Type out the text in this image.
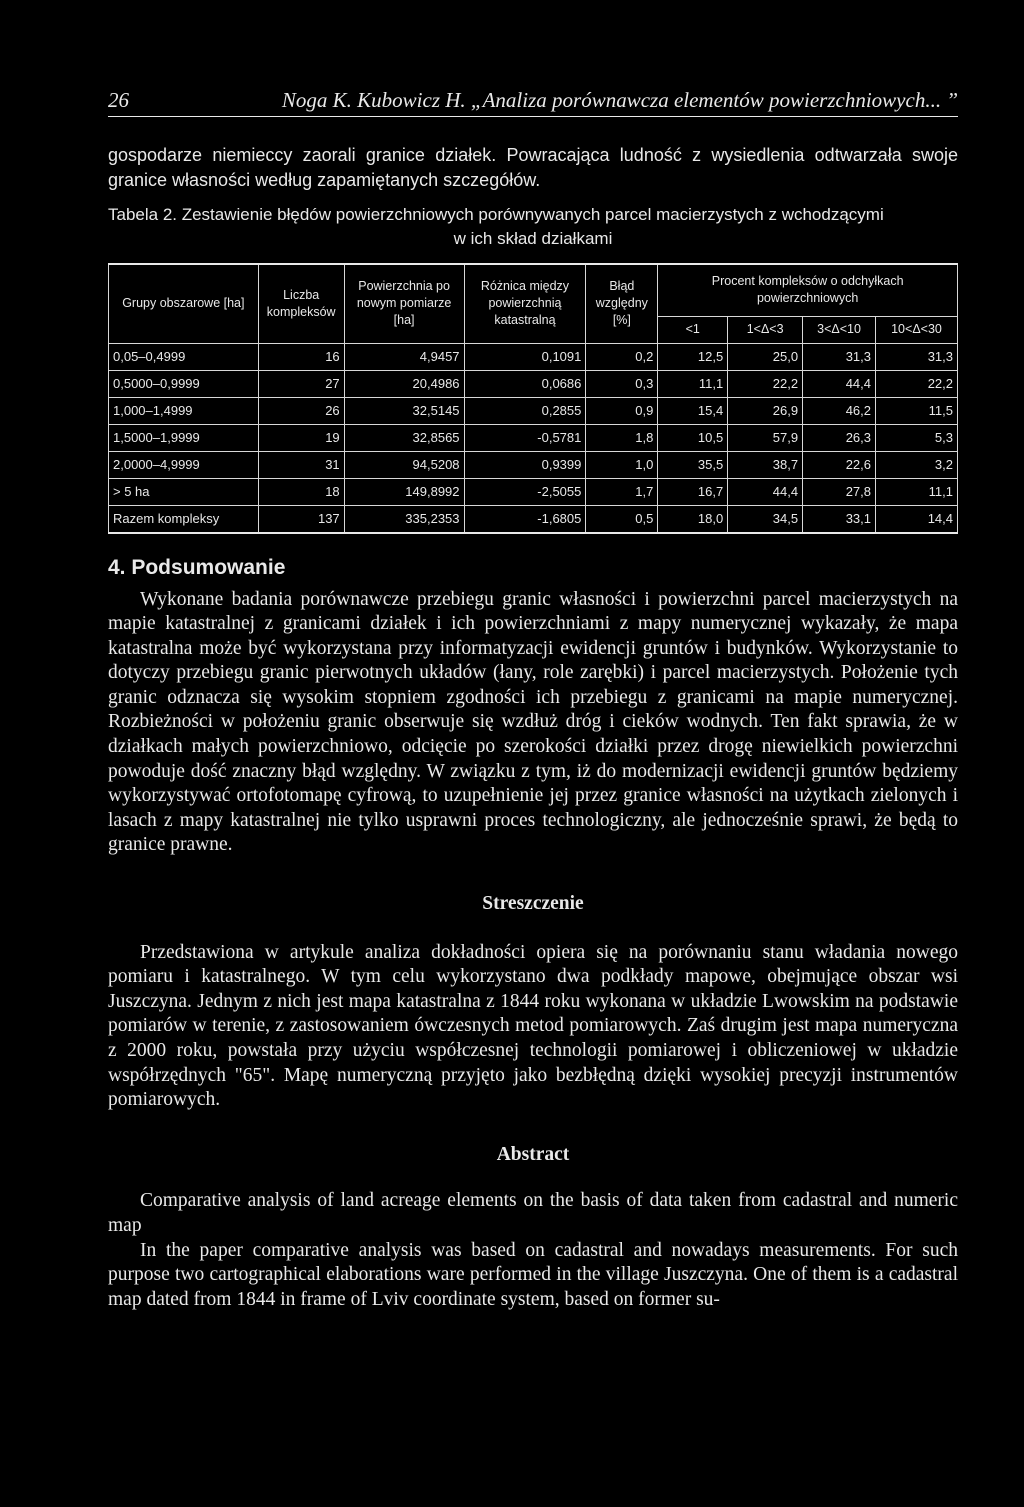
26	Noga K. Kubowicz H. „Analiza porównawcza elementów powierzchniowych... ”

gospodarze niemieccy zaorali granice działek. Powracająca ludność z wysiedlenia odtwarzała swoje granice własności według zapamiętanych szczegółów.

Tabela 2. Zestawienie błędów powierzchniowych porównywanych parcel macierzystych z wchodzącymi
w ich skład działkami
Grupy obszarowe [ha]	Liczba kompleksów	Powierzchnia po nowym pomiarze [ha]	Różnica między powierzchnią katastralną	Błąd względny [%]	Procent kompleksów o odchyłkach powierzchniowych			
					<1	1<Δ<3	3<Δ<10	10<Δ<30
0,05–0,4999	16	4,9457	0,1091	0,2	12,5	25,0	31,3	31,3
0,5000–0,9999	27	20,4986	0,0686	0,3	11,1	22,2	44,4	22,2
1,000–1,4999	26	32,5145	0,2855	0,9	15,4	26,9	46,2	11,5
1,5000–1,9999	19	32,8565	-0,5781	1,8	10,5	57,9	26,3	5,3
2,0000–4,9999	31	94,5208	0,9399	1,0	35,5	38,7	22,6	3,2
> 5 ha	18	149,8992	-2,5055	1,7	16,7	44,4	27,8	11,1
Razem kompleksy	137	335,2353	-1,6805	0,5	18,0	34,5	33,1	14,4
4. Podsumowanie

Wykonane badania porównawcze przebiegu granic własności i powierzchni parcel macierzystych na mapie katastralnej z granicami działek i ich powierzchniami z mapy numerycznej wykazały, że mapa katastralna może być wykorzystana przy informatyzacji ewidencji gruntów i budynków. Wykorzystanie to dotyczy przebiegu granic pierwotnych układów (łany, role zarębki) i parcel macierzystych. Położenie tych granic odznacza się wysokim stopniem zgodności ich przebiegu z granicami na mapie numerycznej. Rozbieżności w położeniu granic obserwuje się wzdłuż dróg i cieków wodnych. Ten fakt sprawia, że w działkach małych powierzchniowo, odcięcie po szerokości działki przez drogę niewielkich powierzchni powoduje dość znaczny błąd względny. W związku z tym, iż do modernizacji ewidencji gruntów będziemy wykorzystywać ortofotomapę cyfrową, to uzupełnienie jej przez granice własności na użytkach zielonych i lasach z mapy katastralnej nie tylko usprawni proces technologiczny, ale jednocześnie sprawi, że będą to granice prawne.

Streszczenie

Przedstawiona w artykule analiza dokładności opiera się na porównaniu stanu władania nowego pomiaru i katastralnego. W tym celu wykorzystano dwa podkłady mapowe, obejmujące obszar wsi Juszczyna. Jednym z nich jest mapa katastralna z 1844 roku wykonana w układzie Lwowskim na podstawie pomiarów w terenie, z zastosowaniem ówczesnych metod pomiarowych. Zaś drugim jest mapa numeryczna z 2000 roku, powstała przy użyciu współczesnej technologii pomiarowej i obliczeniowej w układzie współrzędnych "65". Mapę numeryczną przyjęto jako bezbłędną dzięki wysokiej precyzji instrumentów pomiarowych.

Abstract

Comparative analysis of land acreage elements on the basis of data taken from cadastral and numeric map

In the paper comparative analysis was based on cadastral and nowadays measurements. For such purpose two cartographical elaborations ware performed in the village Juszczyna. One of them is a cadastral map dated from 1844 in frame of Lviv coordinate system, based on former su-
